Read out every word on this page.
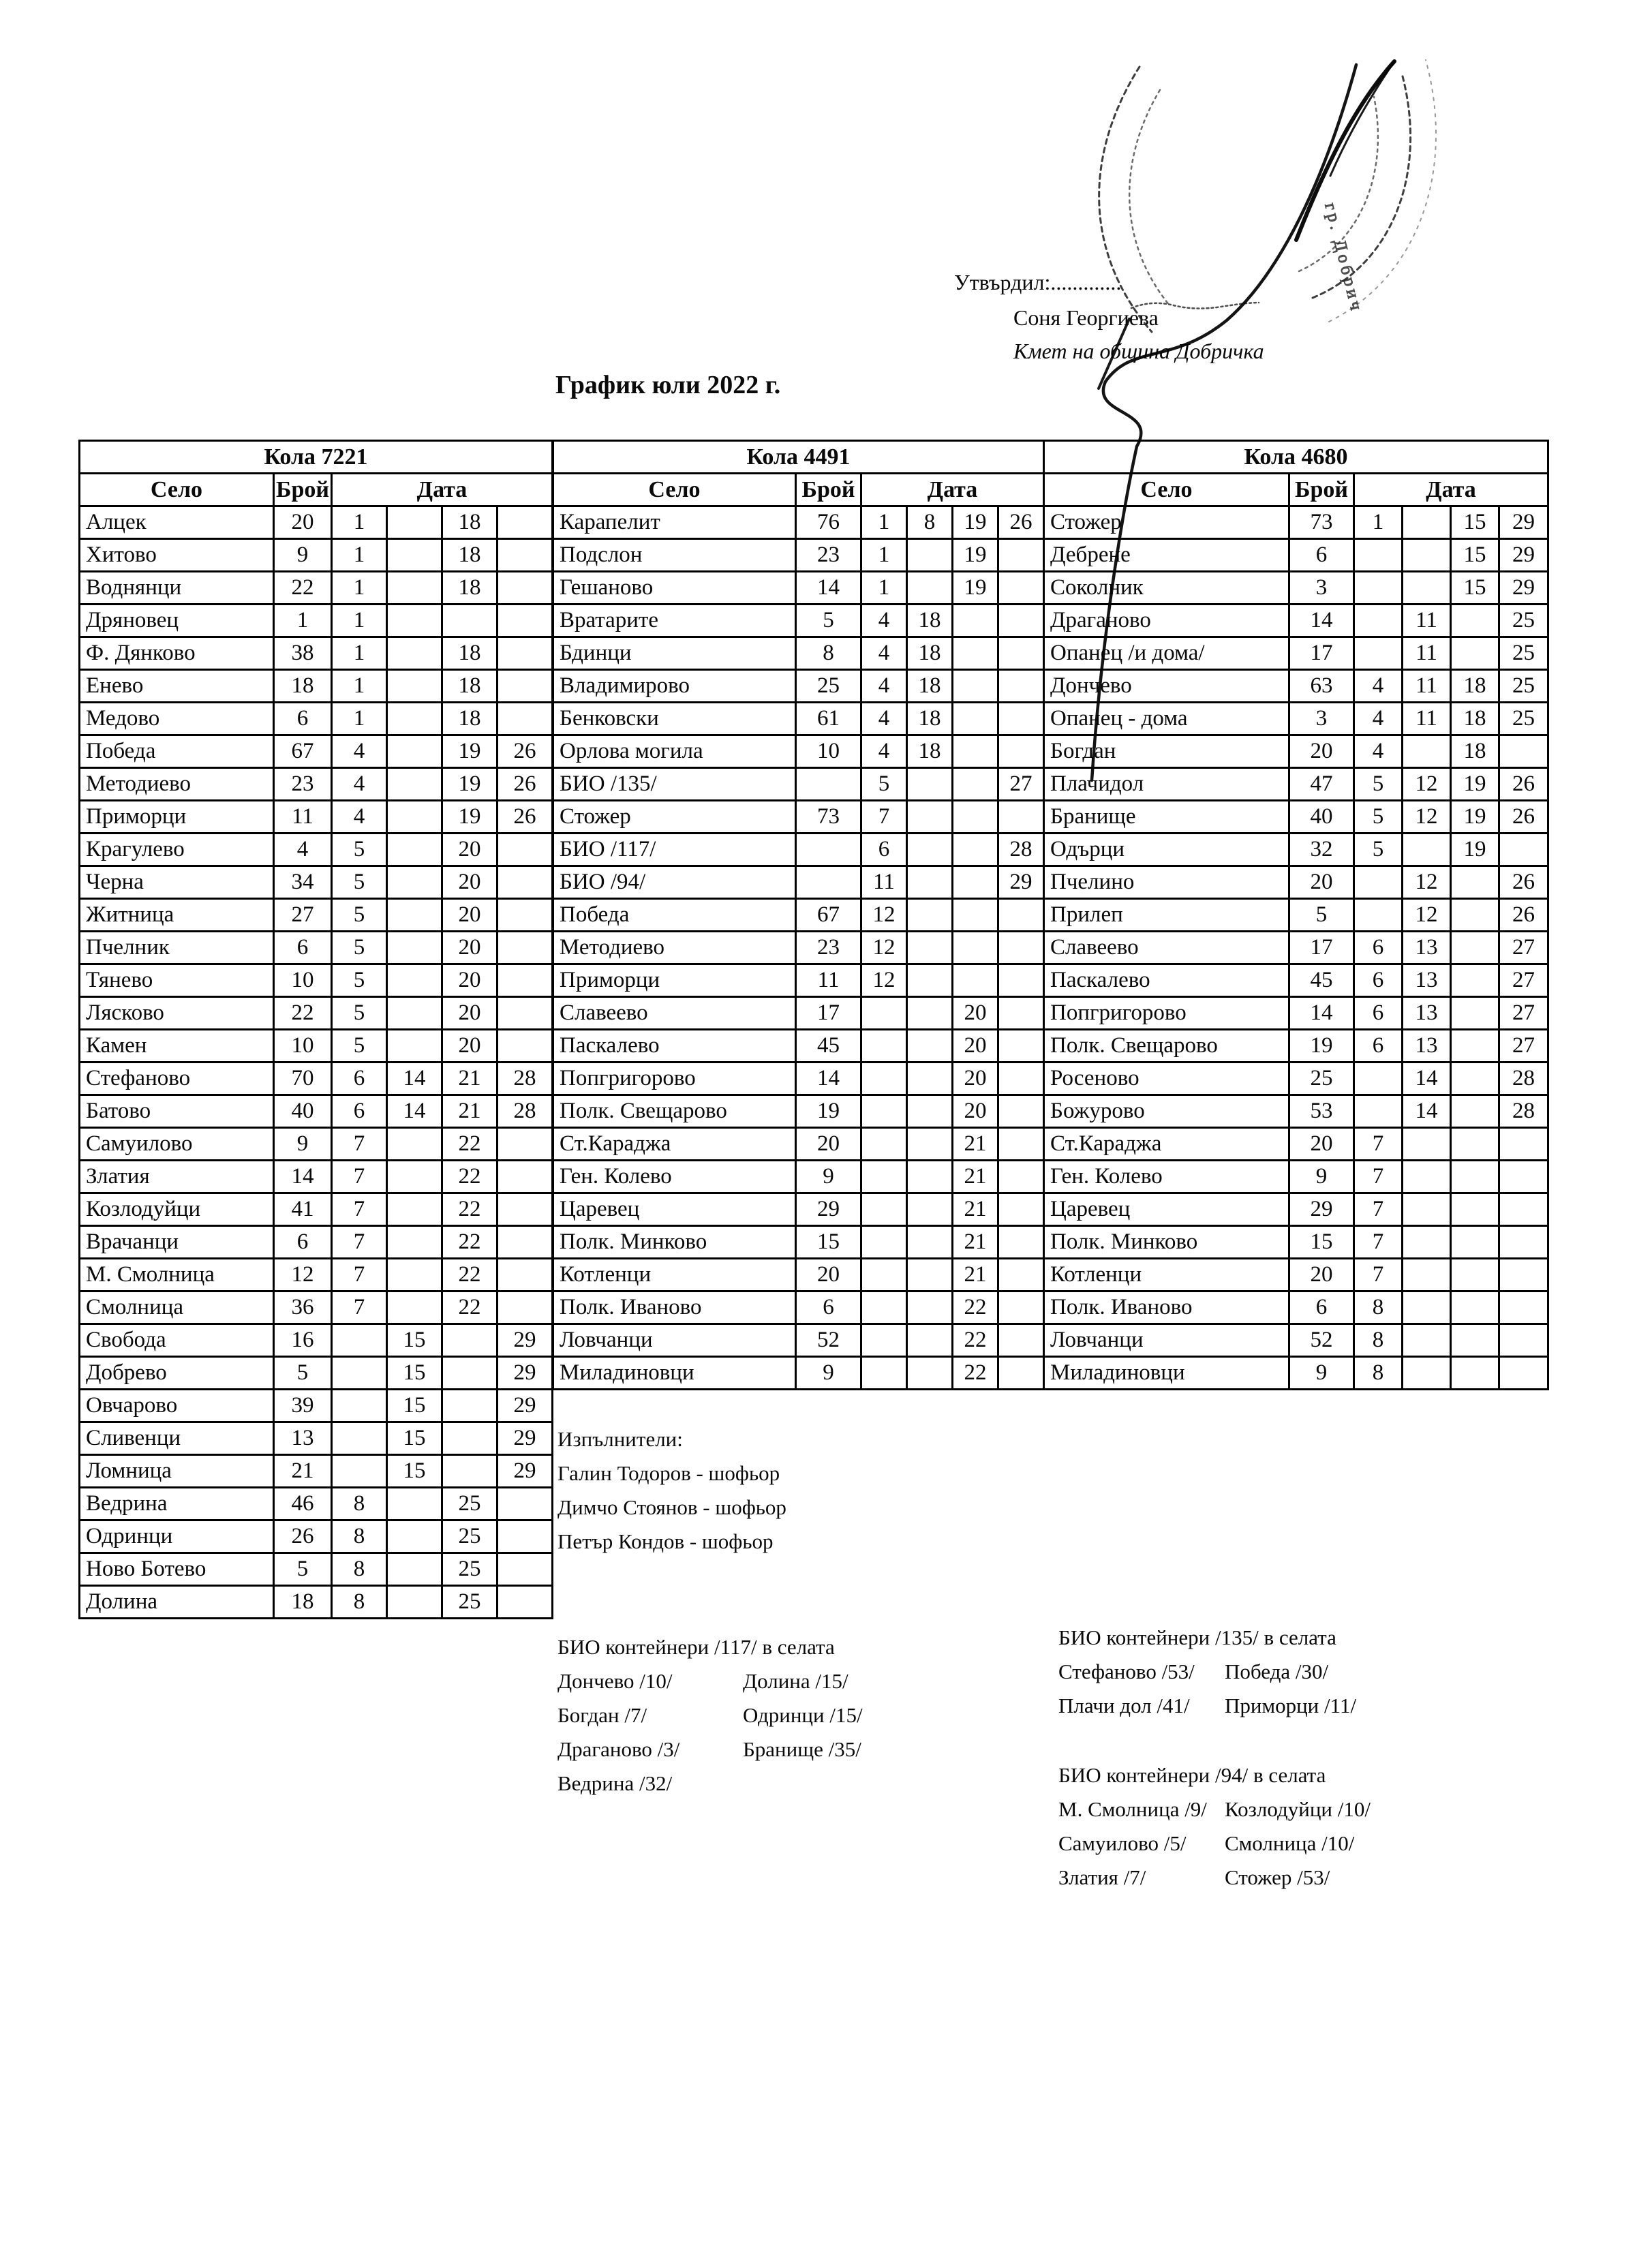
Утвърдил:.............
Соня Георгиева
Кмет на община Добричка
График юли 2022 г.
Кола 7221					
Село	Брой	Дата			
Алцек	20	1		18	
Хитово	9	1		18	
Воднянци	22	1		18	
Дряновец	1	1			
Ф. Дянково	38	1		18	
Енево	18	1		18	
Медово	6	1		18	
Победа	67	4		19	26
Методиево	23	4		19	26
Приморци	11	4		19	26
Крагулево	4	5		20	
Черна	34	5		20	
Житница	27	5		20	
Пчелник	6	5		20	
Тянево	10	5		20	
Лясково	22	5		20	
Камен	10	5		20	
Стефаново	70	6	14	21	28
Батово	40	6	14	21	28
Самуилово	9	7		22	
Златия	14	7		22	
Козлодуйци	41	7		22	
Врачанци	6	7		22	
М. Смолница	12	7		22	
Смолница	36	7		22	
Свобода	16		15		29
Добрево	5		15		29
Овчарово	39		15		29
Сливенци	13		15		29
Ломница	21		15		29
Ведрина	46	8		25	
Одринци	26	8		25	
Ново Ботево	5	8		25	
Долина	18	8		25	
Кола 4491					
Село	Брой	Дата			
Карапелит	76	1	8	19	26
Подслон	23	1		19	
Гешаново	14	1		19	
Вратарите	5	4	18		
Бдинци	8	4	18		
Владимирово	25	4	18		
Бенковски	61	4	18		
Орлова могила	10	4	18		
БИО /135/		5			27
Стожер	73	7			
БИО /117/		6			28
БИО /94/		11			29
Победа	67	12			
Методиево	23	12			
Приморци	11	12			
Славеево	17			20	
Паскалево	45			20	
Попгригорово	14			20	
Полк. Свещарово	19			20	
Ст.Караджа	20			21	
Ген. Колево	9			21	
Царевец	29			21	
Полк. Минково	15			21	
Котленци	20			21	
Полк. Иваново	6			22	
Ловчанци	52			22	
Миладиновци	9			22	
Кола 4680					
Село	Брой	Дата			
Стожер	73	1		15	29
Дебрене	6			15	29
Соколник	3			15	29
Драганово	14		11		25
Опанец /и дома/	17		11		25
Дончево	63	4	11	18	25
Опанец - дома	3	4	11	18	25
Богдан	20	4		18	
Плачидол	47	5	12	19	26
Бранище	40	5	12	19	26
Одърци	32	5		19	
Пчелино	20		12		26
Прилеп	5		12		26
Славеево	17	6	13		27
Паскалево	45	6	13		27
Попгригорово	14	6	13		27
Полк. Свещарово	19	6	13		27
Росеново	25		14		28
Божурово	53		14		28
Ст.Караджа	20	7			
Ген. Колево	9	7			
Царевец	29	7			
Полк. Минково	15	7			
Котленци	20	7			
Полк. Иваново	6	8			
Ловчанци	52	8			
Миладиновци	9	8			
Изпълнители:
Галин Тодоров - шофьор
Димчо Стоянов - шофьор
Петър Кондов - шофьор
БИО контейнери /117/ в селата
Дончево /10/	Долина /15/
Богдан /7/	Одринци /15/
Драганово /3/	Бранище /35/
Ведрина /32/
БИО контейнери /135/ в селата
Стефаново /53/ Победа /30/
Плачи дол /41/ Приморци /11/
БИО контейнери /94/ в селата
М. Смолница /9/ Козлодуйци /10/
Самуилово /5/ Смолница /10/
Златия /7/	Стожер /53/
гр. Добрич
